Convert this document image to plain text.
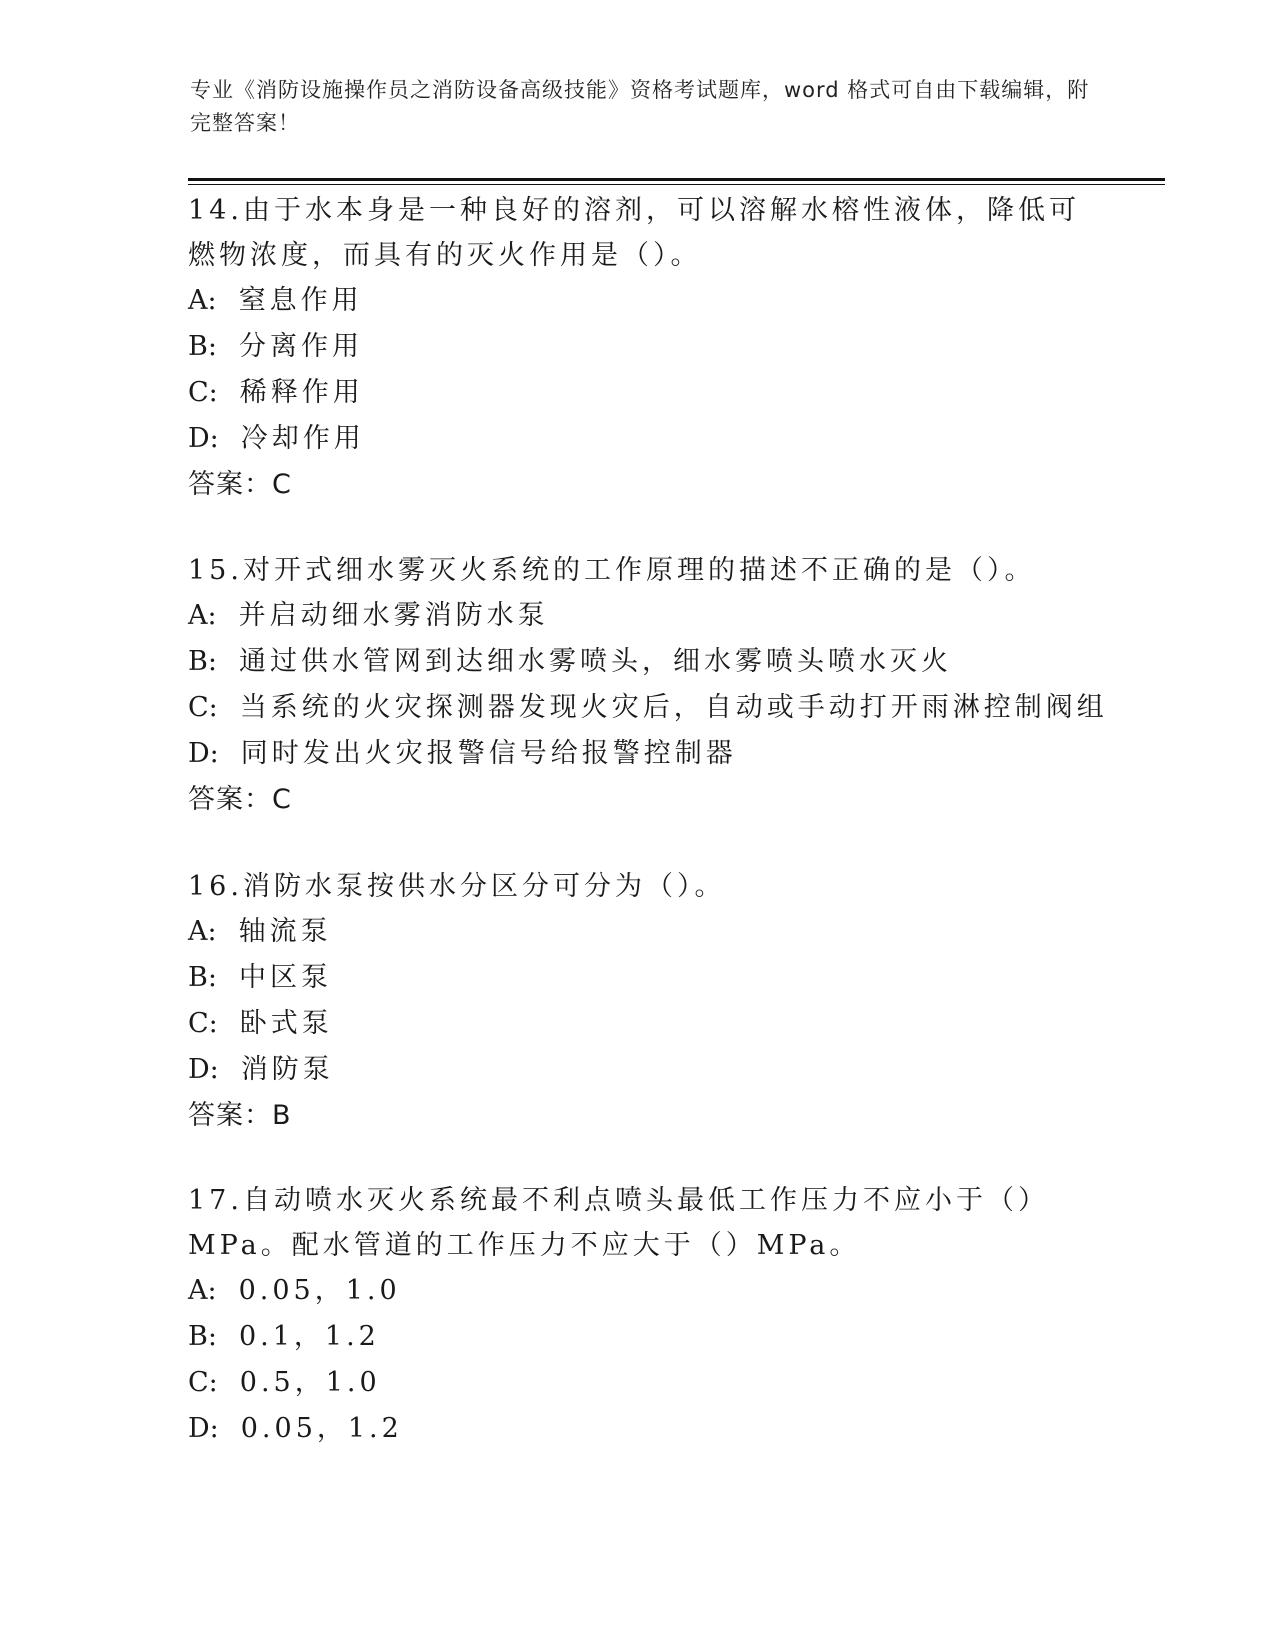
专业《消防设施操作员之消防设备高级技能》资格考试题库，word 格式可自由下载编辑，附完整答案！

14.由于水本身是一种良好的溶剂，可以溶解水榕性液体，降低可燃物浓度，而具有的灭火作用是（）。

A: 窒息作用

B: 分离作用

C: 稀释作用

D: 冷却作用

答案：C

15.对开式细水雾灭火系统的工作原理的描述不正确的是（）。

A: 并启动细水雾消防水泵

B: 通过供水管网到达细水雾喷头，细水雾喷头喷水灭火

C: 当系统的火灾探测器发现火灾后，自动或手动打开雨淋控制阀组

D: 同时发出火灾报警信号给报警控制器

答案：C

16.消防水泵按供水分区分可分为（）。

A: 轴流泵

B: 中区泵

C: 卧式泵

D: 消防泵

答案：B

17.自动喷水灭火系统最不利点喷头最低工作压力不应小于（）MPa。配水管道的工作压力不应大于（）MPa。

A: 0.05，1.0

B: 0.1，1.2

C: 0.5，1.0

D: 0.05，1.2
